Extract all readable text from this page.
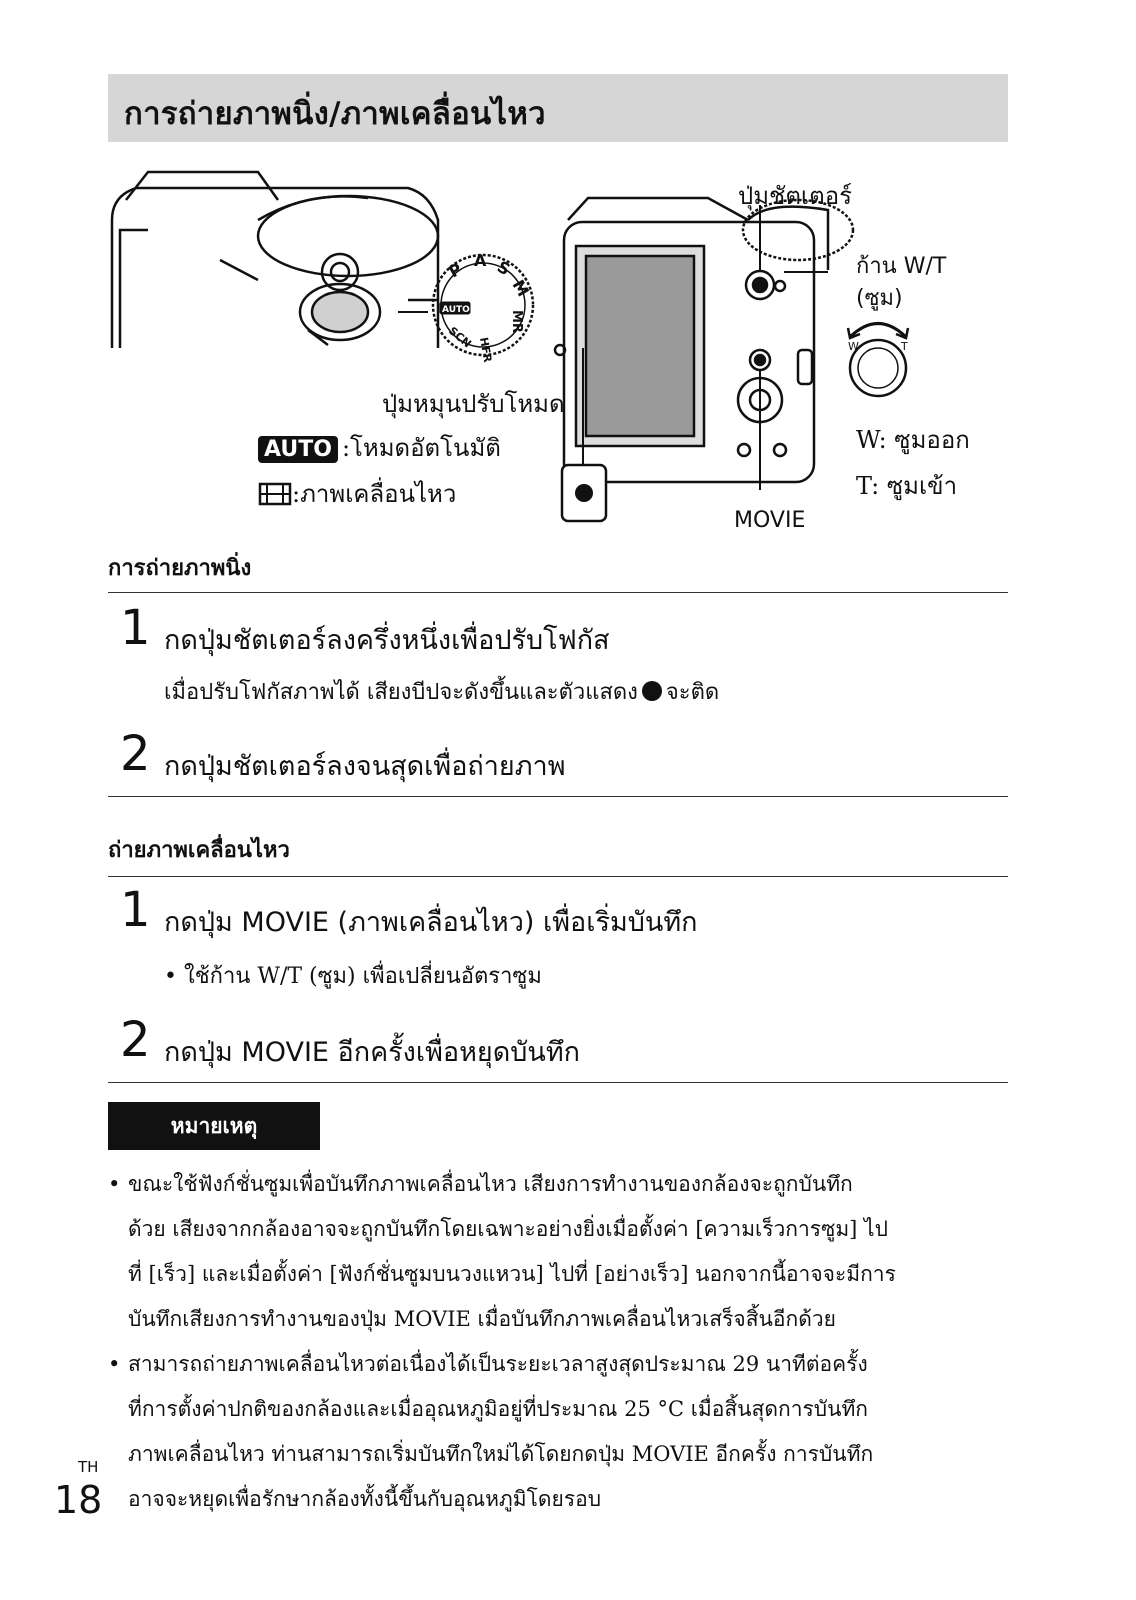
การถ่ายภาพนิ่ง/ภาพเคลื่อนไหว
P A S
M
MR
AUTO
SCN HFR	W	T
ปุ่มชัตเตอร์
ก้าน W/T
(ซูม)
W: ซูมออก
T: ซูมเข้า
MOVIE
ปุ่มหมุนปรับโหมด
AUTO :โหมดอัตโนมัติ
:ภาพเคลื่อนไหว
การถ่ายภาพนิ่ง
1 กดปุ่มชัตเตอร์ลงครึ่งหนึ่งเพื่อปรับโฟกัส
เมื่อปรับโฟกัสภาพได้ เสียงบีปจะดังขึ้นและตัวแสดง จะติด
2 กดปุ่มชัตเตอร์ลงจนสุดเพื่อถ่ายภาพ
ถ่ายภาพเคลื่อนไหว
1 กดปุ่ม MOVIE (ภาพเคลื่อนไหว) เพื่อเริ่มบันทึก
• ใช้ก้าน W/T (ซูม) เพื่อเปลี่ยนอัตราซูม
2 กดปุ่ม MOVIE อีกครั้งเพื่อหยุดบันทึก
หมายเหตุ
• ขณะใช้ฟังก์ชั่นซูมเพื่อบันทึกภาพเคลื่อนไหว เสียงการทำงานของกล้องจะถูกบันทึก
ด้วย เสียงจากกล้องอาจจะถูกบันทึกโดยเฉพาะอย่างยิ่งเมื่อตั้งค่า [ความเร็วการซูม] ไป
ที่ [เร็ว] และเมื่อตั้งค่า [ฟังก์ชั่นซูมบนวงแหวน] ไปที่ [อย่างเร็ว] นอกจากนี้อาจจะมีการ
บันทึกเสียงการทำงานของปุ่ม MOVIE เมื่อบันทึกภาพเคลื่อนไหวเสร็จสิ้นอีกด้วย
• สามารถถ่ายภาพเคลื่อนไหวต่อเนื่องได้เป็นระยะเวลาสูงสุดประมาณ 29 นาทีต่อครั้ง
ที่การตั้งค่าปกติของกล้องและเมื่ออุณหภูมิอยู่ที่ประมาณ 25 °C เมื่อสิ้นสุดการบันทึก
ภาพเคลื่อนไหว ท่านสามารถเริ่มบันทึกใหม่ได้โดยกดปุ่ม MOVIE อีกครั้ง การบันทึก
อาจจะหยุดเพื่อรักษากล้องทั้งนี้ขึ้นกับอุณหภูมิโดยรอบ
TH
18
